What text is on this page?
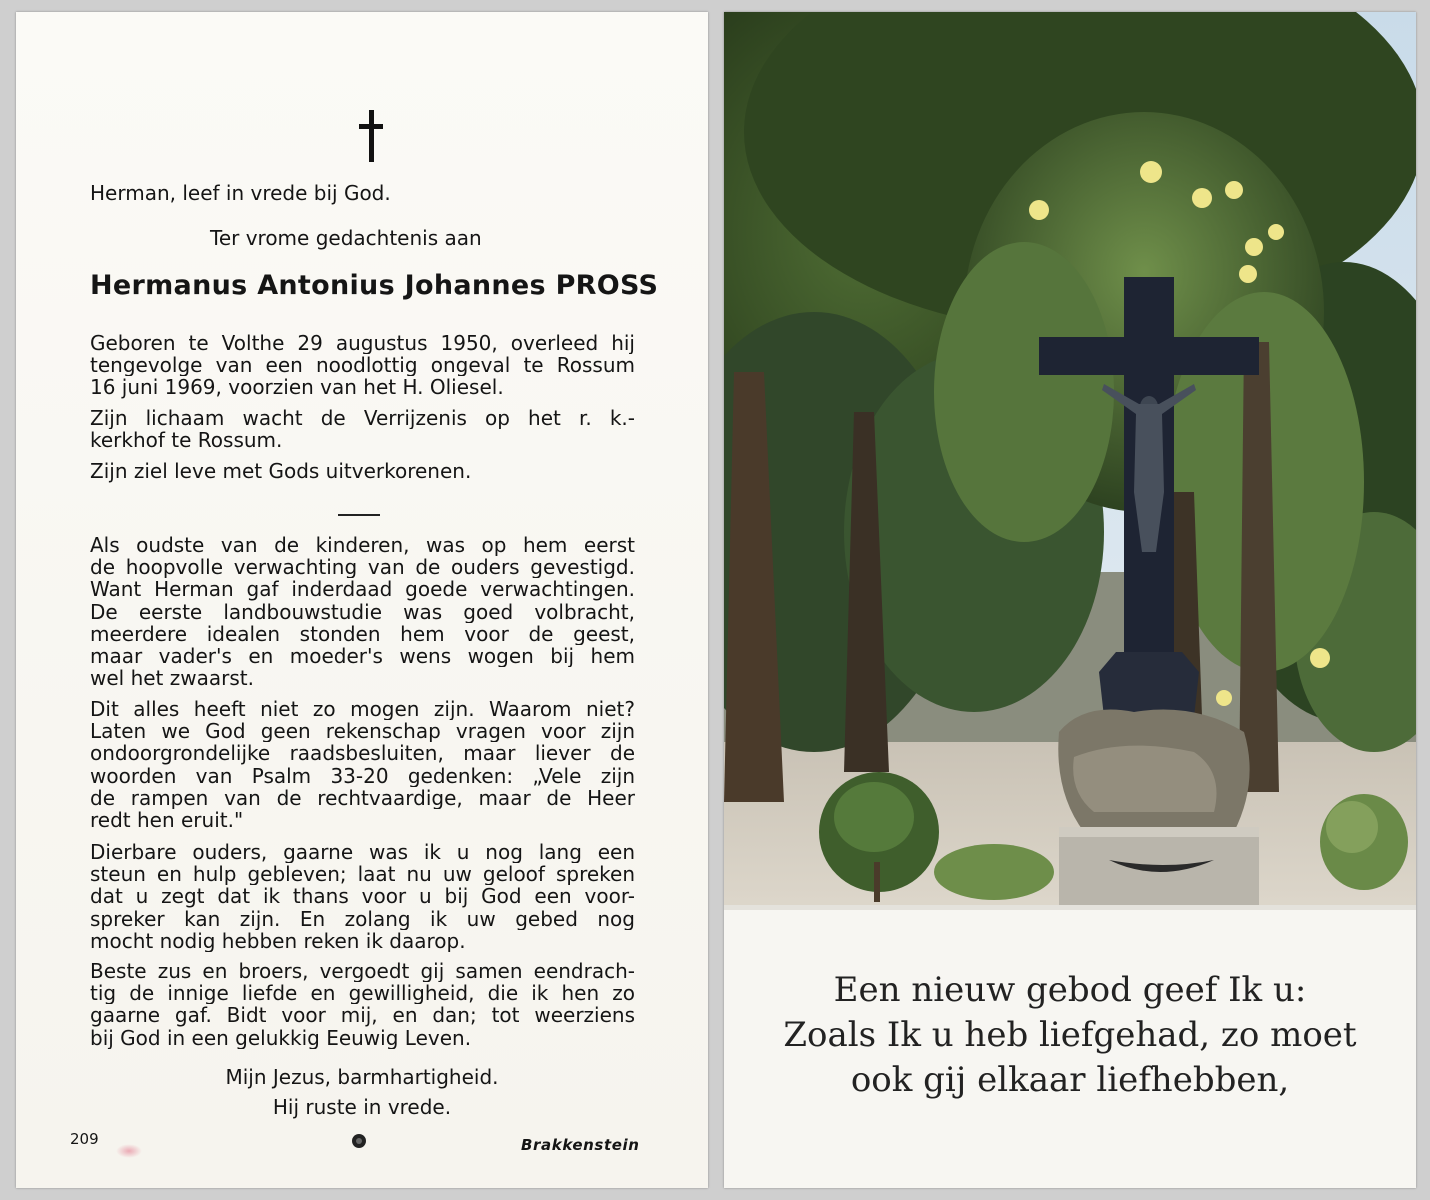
Herman, leef in vrede bij God.
Ter vrome gedachtenis aan
Hermanus Antonius Johannes PROSS
Geboren te Volthe 29 augustus 1950, overleed hij
tengevolge van een noodlottig ongeval te Rossum
16 juni 1969, voorzien van het H. Oliesel.
Zijn lichaam wacht de Verrijzenis op het r. k.-
kerkhof te Rossum.
Zijn ziel leve met Gods uitverkorenen.
Als oudste van de kinderen, was op hem eerst
de hoopvolle verwachting van de ouders gevestigd.
Want Herman gaf inderdaad goede verwachtingen.
De eerste landbouwstudie was goed volbracht,
meerdere idealen stonden hem voor de geest,
maar vader's en moeder's wens wogen bij hem
wel het zwaarst.
Dit alles heeft niet zo mogen zijn. Waarom niet?
Laten we God geen rekenschap vragen voor zijn
ondoorgrondelijke raadsbesluiten, maar liever de
woorden van Psalm 33-20 gedenken: „Vele zijn
de rampen van de rechtvaardige, maar de Heer
redt hen eruit."
Dierbare ouders, gaarne was ik u nog lang een
steun en hulp gebleven; laat nu uw geloof spreken
dat u zegt dat ik thans voor u bij God een voor-
spreker kan zijn. En zolang ik uw gebed nog
mocht nodig hebben reken ik daarop.
Beste zus en broers, vergoedt gij samen eendrach-
tig de innige liefde en gewilligheid, die ik hen zo
gaarne gaf. Bidt voor mij, en dan; tot weerziens
bij God in een gelukkig Eeuwig Leven.
Mijn Jezus, barmhartigheid.
Hij ruste in vrede.
209	Brakkenstein
Een nieuw gebod geef Ik u:
Zoals Ik u heb liefgehad, zo moet
ook gij elkaar liefhebben,
